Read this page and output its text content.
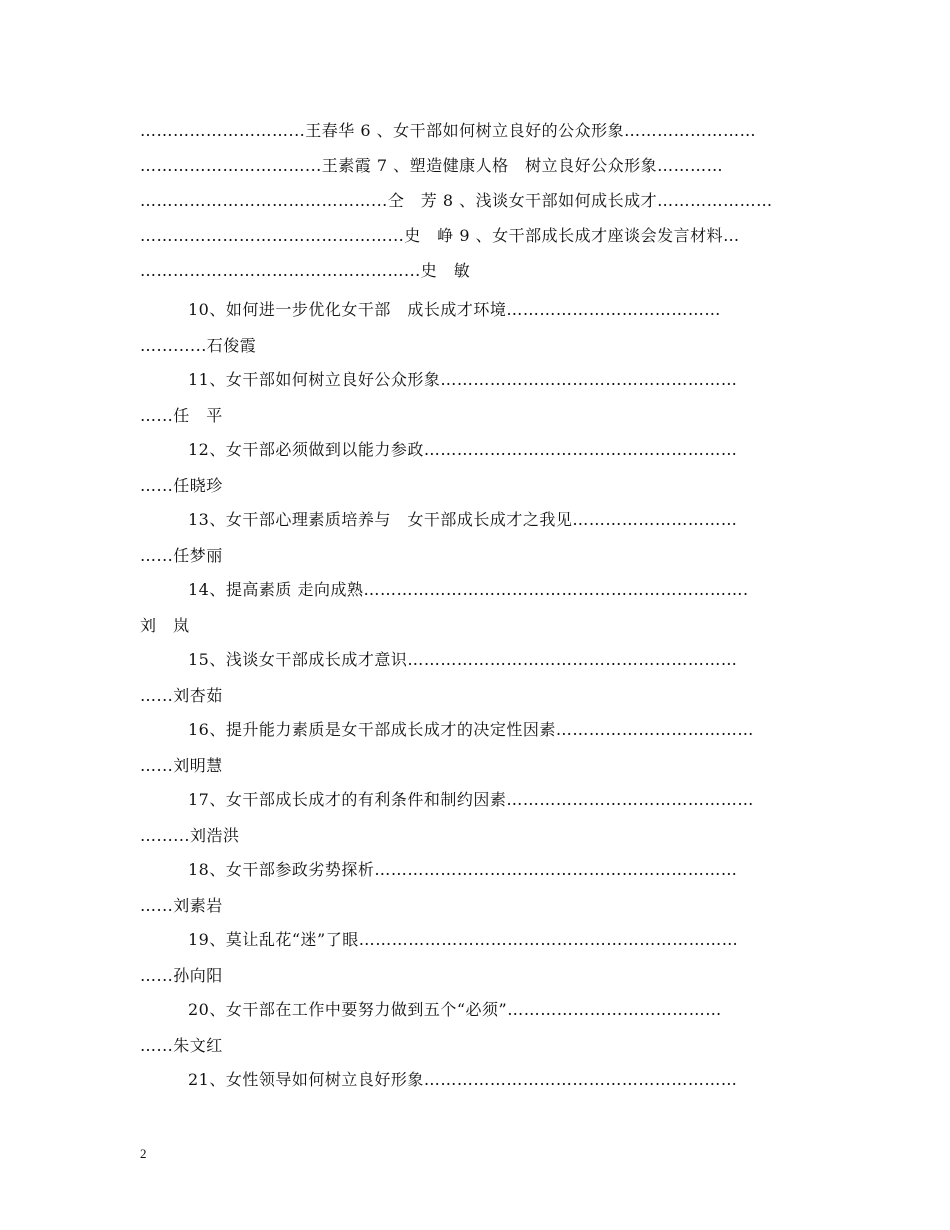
………………………...王春华 6 、女干部如何树立良好的公众形象……………………
…………………………...王素霞 7 、塑造健康人格　树立良好公众形象…………
……………………………………...仝　芳 8 、浅谈女干部如何成长成才…………………
………………………………………...史　峥 9 、女干部成长成才座谈会发言材料…
…………………………………………...史　敏
10、如何进一步优化女干部　成长成才环境…………………………………
….........石俊霞
11、女干部如何树立良好公众形象………………………………………………
…...任　平
12、女干部必须做到以能力参政…………………………………………………
…...任晓珍
13、女干部心理素质培养与　女干部成长成才之我见…………………………
…...任梦丽
14、提高素质 走向成熟…………………………………………………………….
刘　岚
15、浅谈女干部成长成才意识……………………………………………………
…...刘杏茹
16、提升能力素质是女干部成长成才的决定性因素………………………………
…...刘明慧
17、女干部成长成才的有利条件和制约因素………………………………………
…......刘浩洪
18、女干部参政劣势探析…………………………………………………………
…...刘素岩
19、莫让乱花“迷”了眼……………………………………………………………
…...孙向阳
20、女干部在工作中要努力做到五个“必须”…………………………………
…...朱文红
21、女性领导如何树立良好形象…………………………………………………
2
